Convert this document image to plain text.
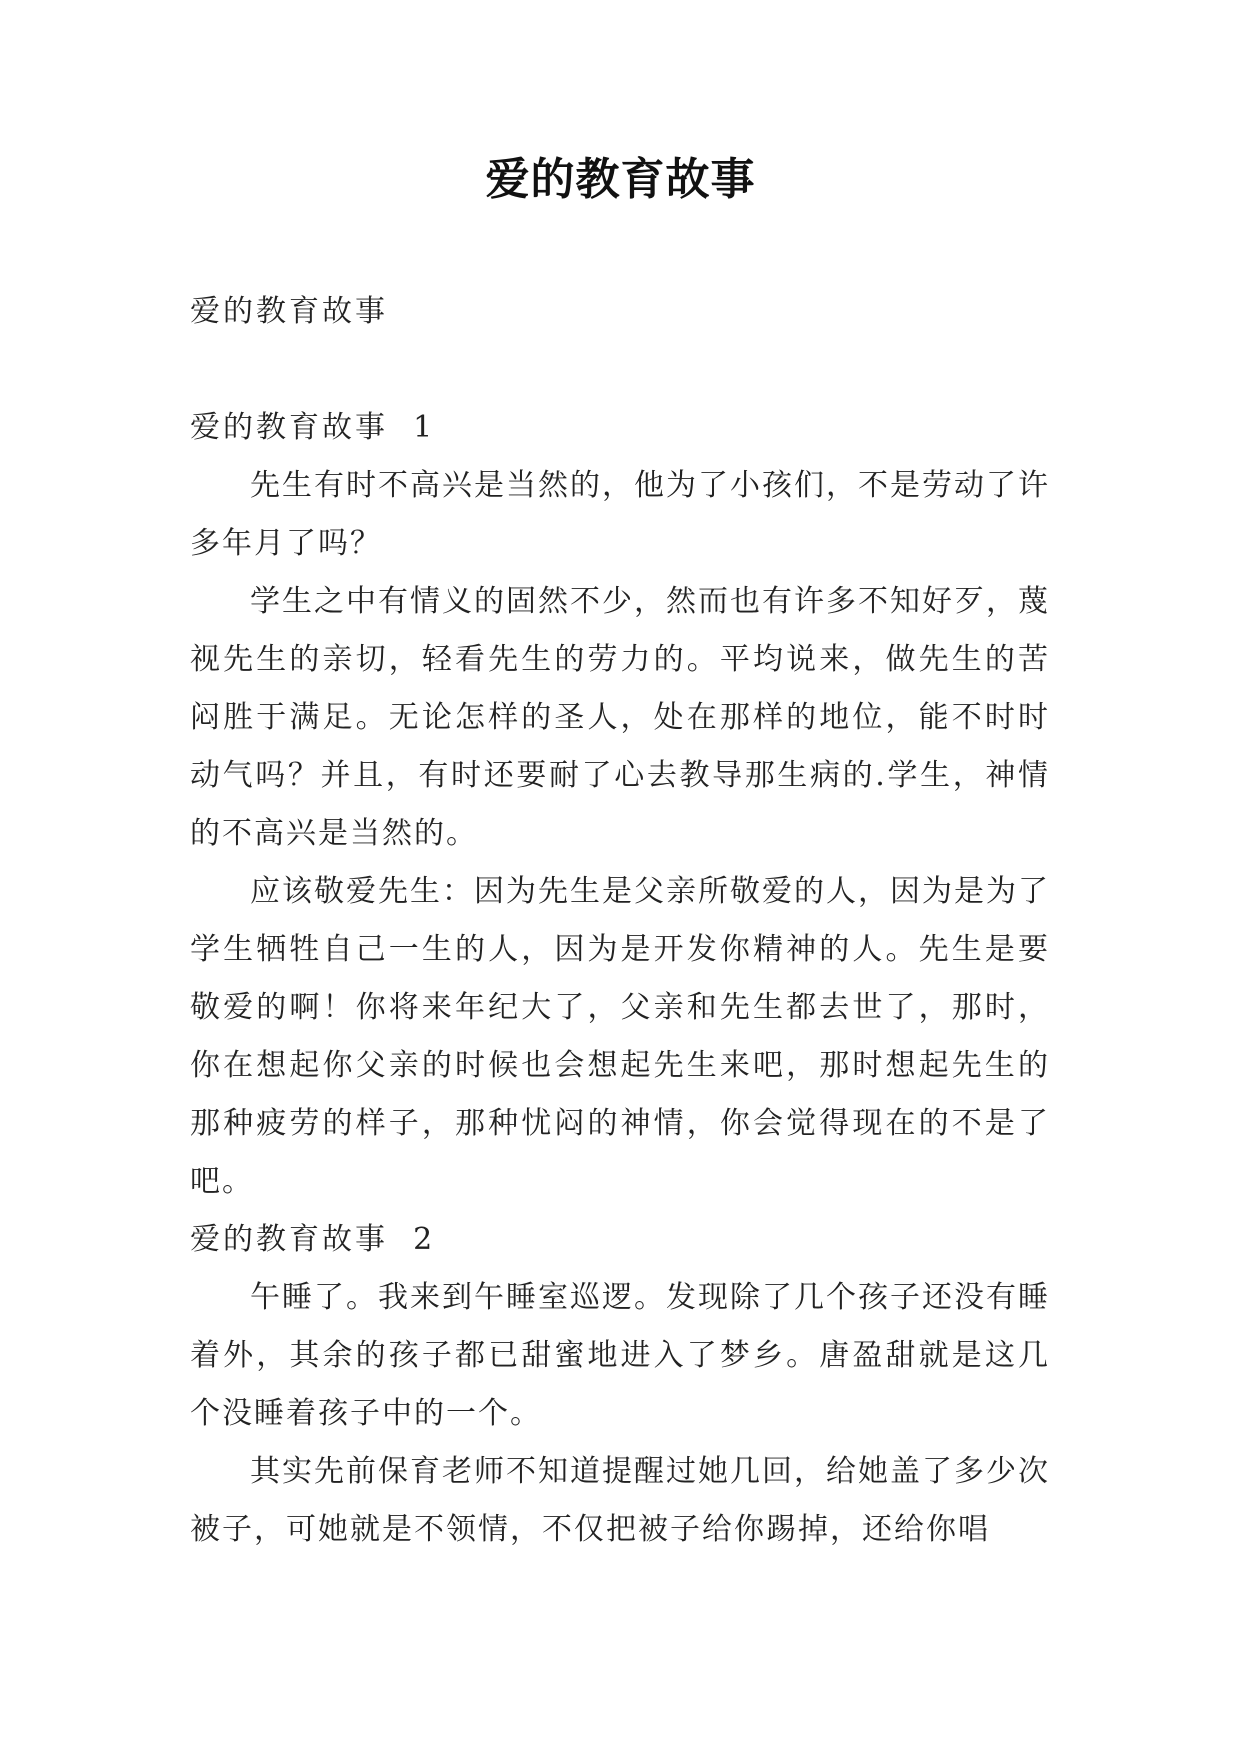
爱的教育故事

爱的教育故事

爱的教育故事  1

先生有时不高兴是当然的，他为了小孩们，不是劳动了许多年月了吗？

学生之中有情义的固然不少，然而也有许多不知好歹，蔑视先生的亲切，轻看先生的劳力的。平均说来，做先生的苦闷胜于满足。无论怎样的圣人，处在那样的地位，能不时时动气吗？并且，有时还要耐了心去教导那生病的.学生，神情的不高兴是当然的。

应该敬爱先生：因为先生是父亲所敬爱的人，因为是为了学生牺牲自己一生的人，因为是开发你精神的人。先生是要敬爱的啊！你将来年纪大了，父亲和先生都去世了，那时，你在想起你父亲的时候也会想起先生来吧，那时想起先生的那种疲劳的样子，那种忧闷的神情，你会觉得现在的不是了吧。

爱的教育故事  2

午睡了。我来到午睡室巡逻。发现除了几个孩子还没有睡着外，其余的孩子都已甜蜜地进入了梦乡。唐盈甜就是这几个没睡着孩子中的一个。

其实先前保育老师不知道提醒过她几回，给她盖了多少次被子，可她就是不领情，不仅把被子给你踢掉，还给你唱
